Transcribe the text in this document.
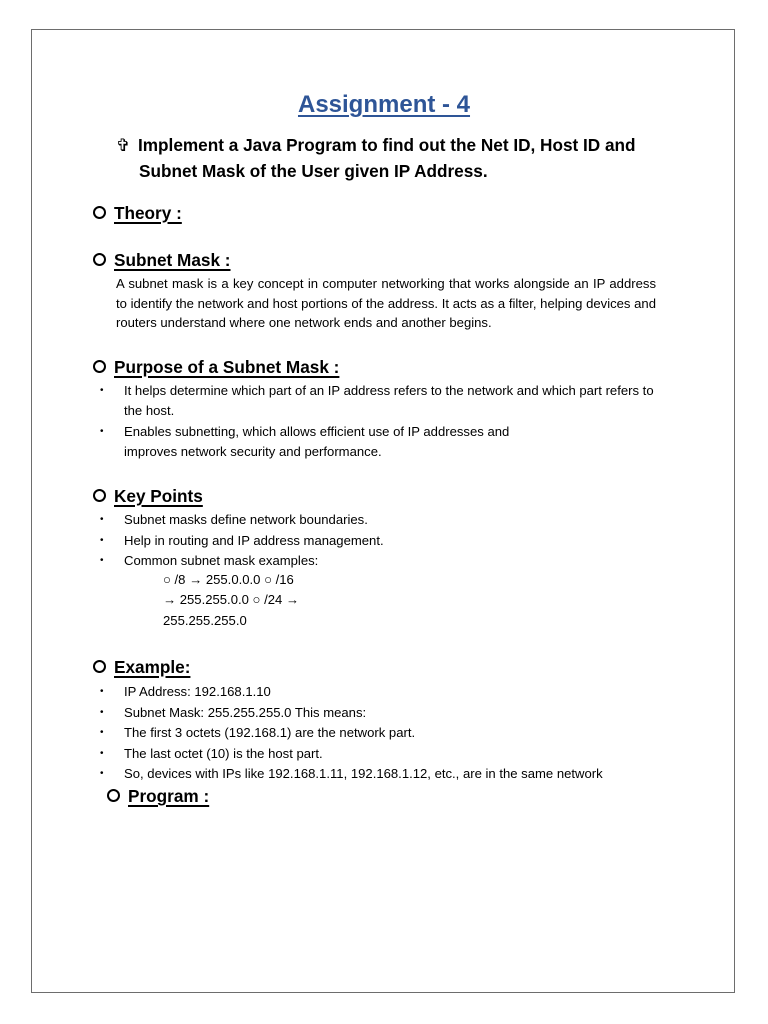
Assignment - 4
✞ Implement a Java Program to find out the Net ID, Host ID and
Subnet Mask of the User given IP Address.
Theory :
Subnet Mask :
A subnet mask is a key concept in computer networking that works alongside an IP address to identify the network and host portions of the address. It acts as a filter, helping devices and routers understand where one network ends and another begins.
Purpose of a Subnet Mask :
• It helps determine which part of an IP address refers to the network and which part refers to the host.
• Enables subnetting, which allows efficient use of IP addresses and improves network security and performance.
Key Points
• Subnet masks define network boundaries.
• Help in routing and IP address management.
• Common subnet mask examples:
○ /8 → 255.0.0.0 ○ /16
→ 255.255.0.0 ○ /24 →
255.255.255.0
Example:
• IP Address: 192.168.1.10
• Subnet Mask: 255.255.255.0 This means:
• The first 3 octets (192.168.1) are the network part.
• The last octet (10) is the host part.
• So, devices with IPs like 192.168.1.11, 192.168.1.12, etc., are in the same network
Program :
